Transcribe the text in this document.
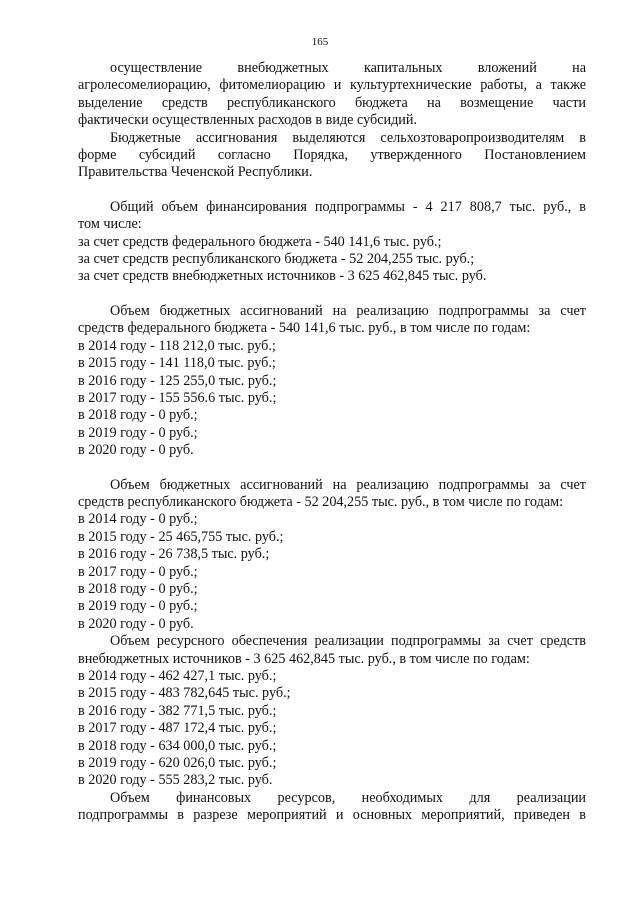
165

осуществление внебюджетных капитальных вложений на

агролесомелиорацию, фитомелиорацию и культуртехнические работы, а также

выделение средств республиканского бюджета на возмещение части

фактически осуществленных расходов в виде субсидий.

Бюджетные ассигнования выделяются сельхозтоваропроизводителям в

форме субсидий согласно Порядка, утвержденного Постановлением

Правительства Чеченской Республики.

Общий объем финансирования подпрограммы - 4 217 808,7 тыс. руб., в

том числе:

за счет средств федерального бюджета - 540 141,6 тыс. руб.;

за счет средств республиканского бюджета - 52 204,255 тыс. руб.;

за счет средств внебюджетных источников - 3 625 462,845 тыс. руб.

Объем бюджетных ассигнований на реализацию подпрограммы за счет

средств федерального бюджета - 540 141,6 тыс. руб., в том числе по годам:

в 2014 году - 118 212,0 тыс. руб.;

в 2015 году - 141 118,0 тыс. руб.;

в 2016 году - 125 255,0 тыс. руб.;

в 2017 году - 155 556.6 тыс. руб.;

в 2018 году - 0 руб.;

в 2019 году - 0 руб.;

в 2020 году - 0 руб.

Объем бюджетных ассигнований на реализацию подпрограммы за счет

средств республиканского бюджета - 52 204,255 тыс. руб., в том числе по годам:

в 2014 году - 0 руб.;

в 2015 году - 25 465,755 тыс. руб.;

в 2016 году - 26 738,5 тыс. руб.;

в 2017 году - 0 руб.;

в 2018 году - 0 руб.;

в 2019 году - 0 руб.;

в 2020 году - 0 руб.

Объем ресурсного обеспечения реализации подпрограммы за счет средств

внебюджетных источников - 3 625 462,845 тыс. руб., в том числе по годам:

в 2014 году - 462 427,1 тыс. руб.;

в 2015 году - 483 782,645 тыс. руб.;

в 2016 году - 382 771,5 тыс. руб.;

в 2017 году - 487 172,4 тыс. руб.;

в 2018 году - 634 000,0 тыс. руб.;

в 2019 году - 620 026,0 тыс. руб.;

в 2020 году - 555 283,2 тыс. руб.

Объем финансовых ресурсов, необходимых для реализации

подпрограммы в разрезе мероприятий и основных мероприятий, приведен в
